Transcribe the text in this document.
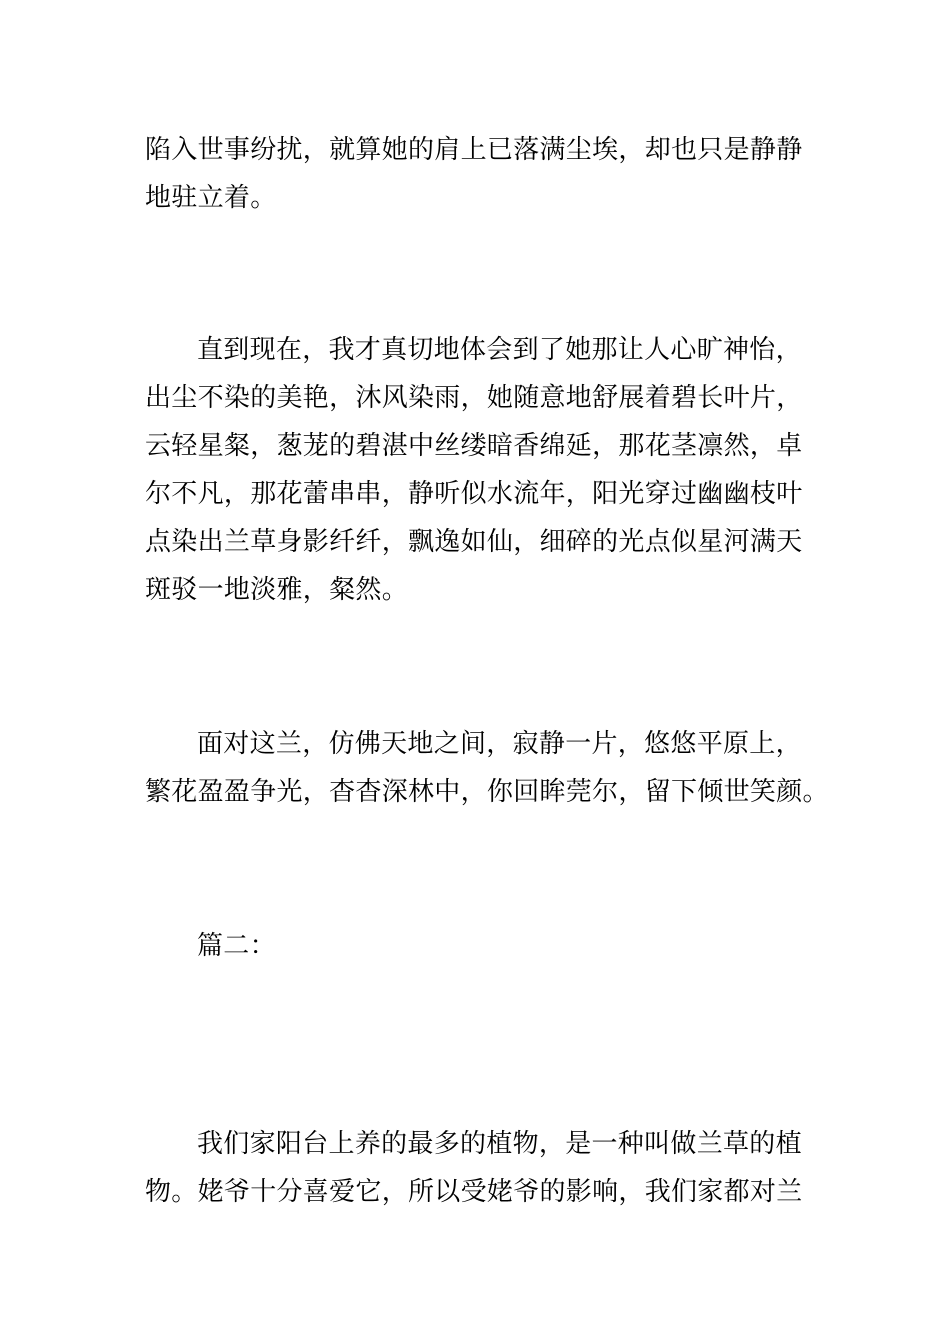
陷入世事纷扰，就算她的肩上已落满尘埃，却也只是静静
地驻立着。
直到现在，我才真切地体会到了她那让人心旷神怡，
出尘不染的美艳，沐风染雨，她随意地舒展着碧长叶片，
云轻星粲，葱茏的碧湛中丝缕暗香绵延，那花茎凛然，卓
尔不凡，那花蕾串串，静听似水流年，阳光穿过幽幽枝叶
点染出兰草身影纤纤，飘逸如仙，细碎的光点似星河满天
斑驳一地淡雅，粲然。
面对这兰，仿佛天地之间，寂静一片，悠悠平原上，
繁花盈盈争光，杳杳深林中，你回眸莞尔，留下倾世笑颜。
篇二：
我们家阳台上养的最多的植物，是一种叫做兰草的植
物。姥爷十分喜爱它，所以受姥爷的影响，我们家都对兰
